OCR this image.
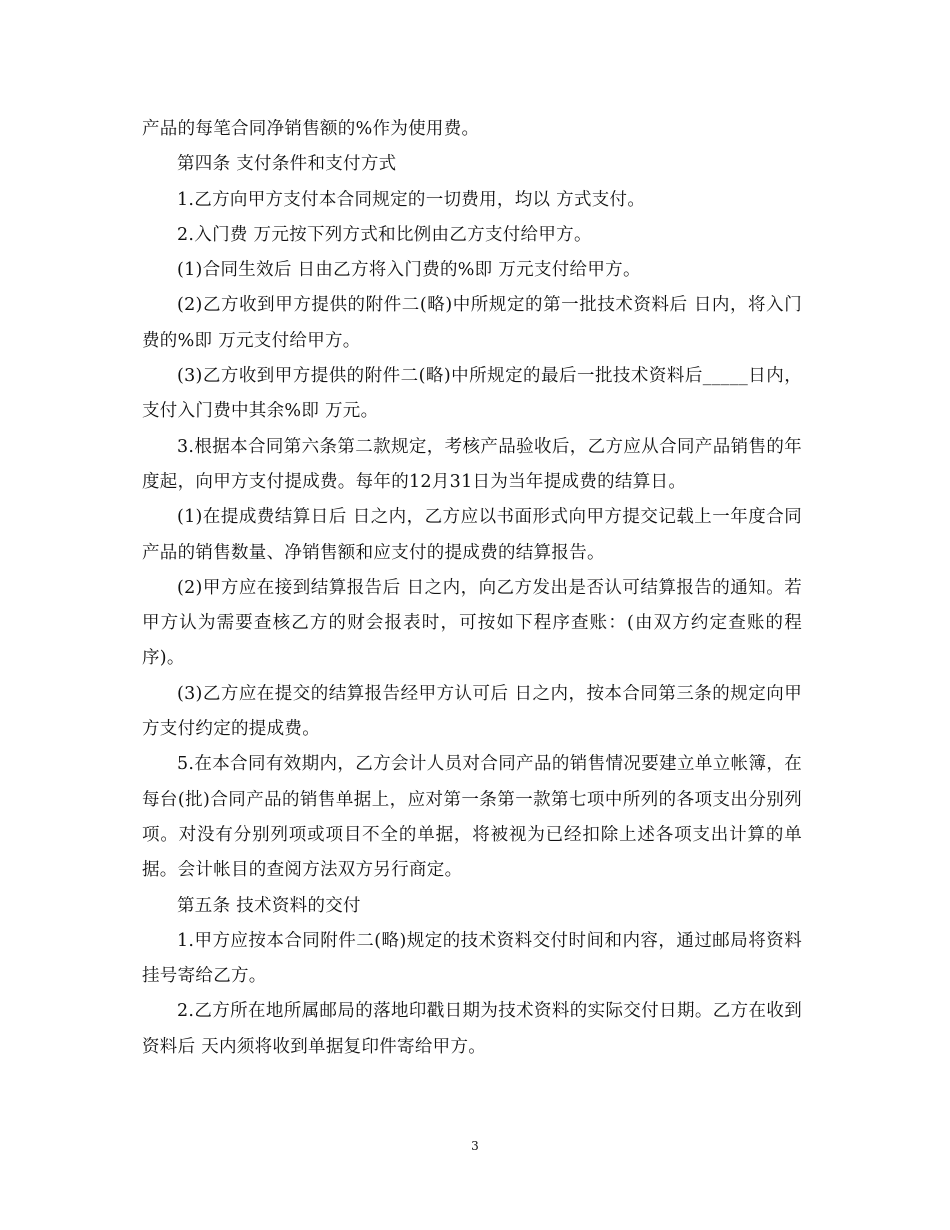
产品的每笔合同净销售额的%作为使用费。

第四条 支付条件和支付方式

1.乙方向甲方支付本合同规定的一切费用，均以 方式支付。

2.入门费 万元按下列方式和比例由乙方支付给甲方。

(1)合同生效后 日由乙方将入门费的%即 万元支付给甲方。

(2)乙方收到甲方提供的附件二(略)中所规定的第一批技术资料后 日内，将入门费的%即 万元支付给甲方。

(3)乙方收到甲方提供的附件二(略)中所规定的最后一批技术资料后_____日内，支付入门费中其余%即 万元。

3.根据本合同第六条第二款规定，考核产品验收后，乙方应从合同产品销售的年度起，向甲方支付提成费。每年的12月31日为当年提成费的结算日。

(1)在提成费结算日后 日之内，乙方应以书面形式向甲方提交记载上一年度合同产品的销售数量、净销售额和应支付的提成费的结算报告。

(2)甲方应在接到结算报告后 日之内，向乙方发出是否认可结算报告的通知。若甲方认为需要查核乙方的财会报表时，可按如下程序查账：(由双方约定查账的程序)。

(3)乙方应在提交的结算报告经甲方认可后 日之内，按本合同第三条的规定向甲方支付约定的提成费。

5.在本合同有效期内，乙方会计人员对合同产品的销售情况要建立单立帐簿，在每台(批)合同产品的销售单据上，应对第一条第一款第七项中所列的各项支出分别列项。对没有分别列项或项目不全的单据，将被视为已经扣除上述各项支出计算的单据。会计帐目的查阅方法双方另行商定。

第五条 技术资料的交付

1.甲方应按本合同附件二(略)规定的技术资料交付时间和内容，通过邮局将资料挂号寄给乙方。

2.乙方所在地所属邮局的落地印戳日期为技术资料的实际交付日期。乙方在收到资料后 天内须将收到单据复印件寄给甲方。

3
